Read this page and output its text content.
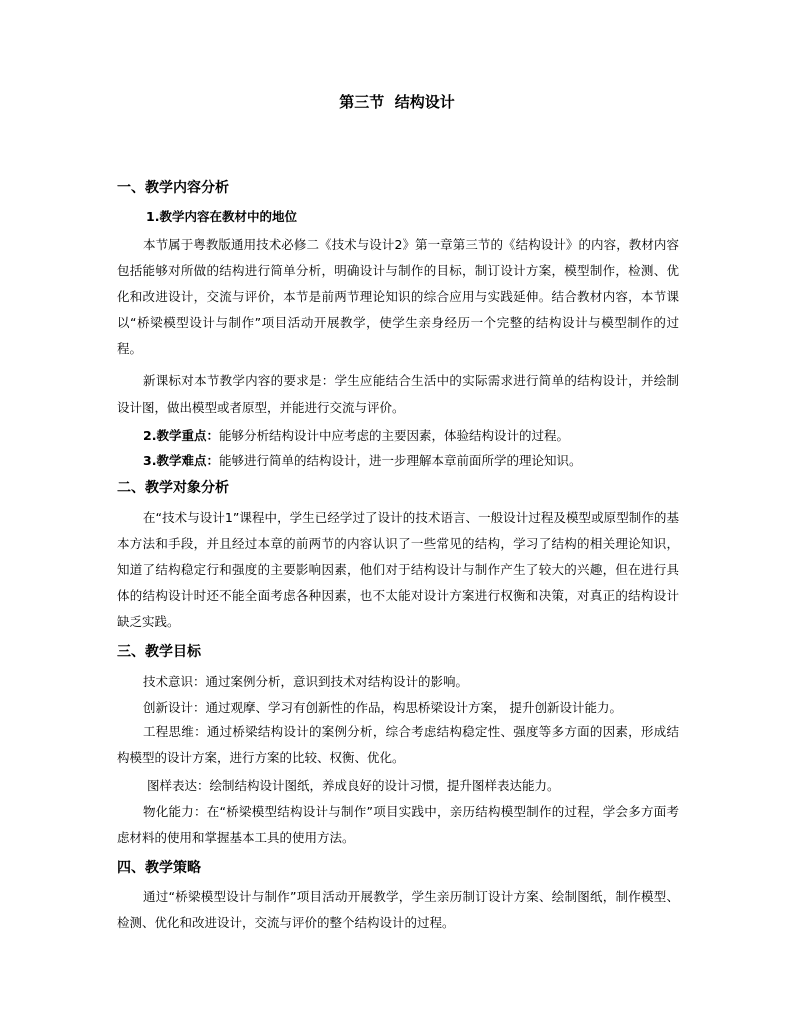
第三节  结构设计
一、教学内容分析
1.教学内容在教材中的地位
本节属于粤教版通用技术必修二《技术与设计2》第一章第三节的《结构设计》的内容，教材内容包括能够对所做的结构进行简单分析，明确设计与制作的目标，制订设计方案，模型制作，检测、优化和改进设计，交流与评价，本节是前两节理论知识的综合应用与实践延伸。结合教材内容，本节课以“桥梁模型设计与制作”项目活动开展教学，使学生亲身经历一个完整的结构设计与模型制作的过程。
新课标对本节教学内容的要求是：学生应能结合生活中的实际需求进行简单的结构设计，并绘制设计图，做出模型或者原型，并能进行交流与评价。
2.教学重点：能够分析结构设计中应考虑的主要因素，体验结构设计的过程。
3.教学难点：能够进行简单的结构设计，进一步理解本章前面所学的理论知识。
二、教学对象分析
在“技术与设计1”课程中，学生已经学过了设计的技术语言、一般设计过程及模型或原型制作的基本方法和手段，并且经过本章的前两节的内容认识了一些常见的结构，学习了结构的相关理论知识，知道了结构稳定行和强度的主要影响因素，他们对于结构设计与制作产生了较大的兴趣，但在进行具体的结构设计时还不能全面考虑各种因素，也不太能对设计方案进行权衡和决策，对真正的结构设计缺乏实践。
三、教学目标
技术意识：通过案例分析，意识到技术对结构设计的影响。
创新设计：通过观摩、学习有创新性的作品，构思桥梁设计方案， 提升创新设计能力。
工程思维：通过桥梁结构设计的案例分析，综合考虑结构稳定性、强度等多方面的因素，形成结构模型的设计方案，进行方案的比较、权衡、优化。
图样表达：绘制结构设计图纸，养成良好的设计习惯，提升图样表达能力。
物化能力：在“桥梁模型结构设计与制作”项目实践中，亲历结构模型制作的过程，学会多方面考虑材料的使用和掌握基本工具的使用方法。
四、教学策略
通过“桥梁模型设计与制作”项目活动开展教学，学生亲历制订设计方案、绘制图纸，制作模型、检测、优化和改进设计，交流与评价的整个结构设计的过程。
